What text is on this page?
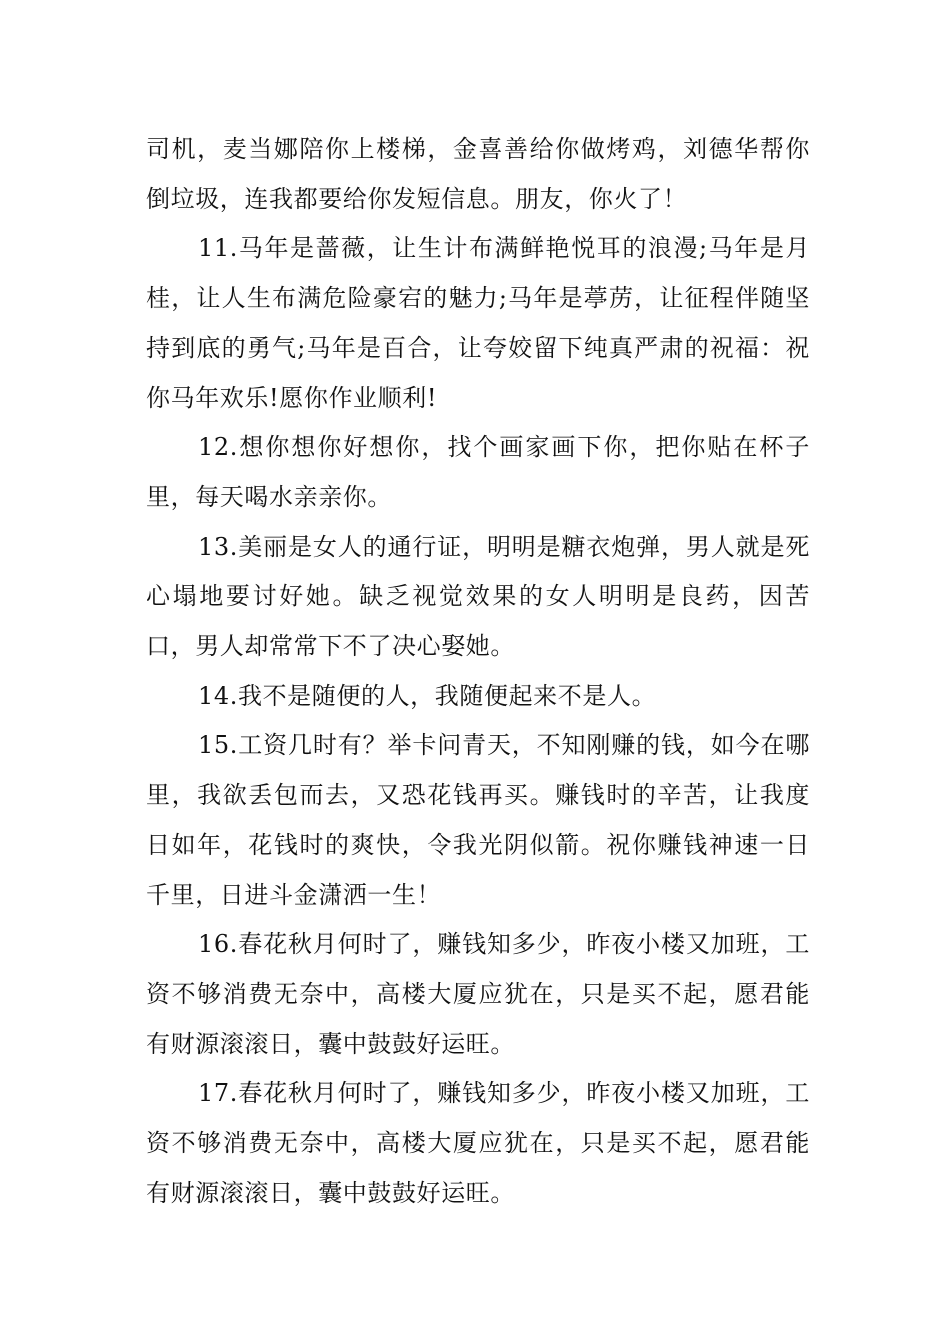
司机，麦当娜陪你上楼梯，金喜善给你做烤鸡，刘德华帮你倒垃圾，连我都要给你发短信息。朋友，你火了！

11.马年是蔷薇，让生计布满鲜艳悦耳的浪漫;马年是月桂，让人生布满危险豪宕的魅力;马年是葶苈，让征程伴随坚持到底的勇气;马年是百合，让夸姣留下纯真严肃的祝福：祝你马年欢乐!愿你作业顺利!

12.想你想你好想你，找个画家画下你，把你贴在杯子里，每天喝水亲亲你。

13.美丽是女人的通行证，明明是糖衣炮弹，男人就是死心塌地要讨好她。缺乏视觉效果的女人明明是良药，因苦口，男人却常常下不了决心娶她。

14.我不是随便的人，我随便起来不是人。

15.工资几时有？举卡问青天，不知刚赚的钱，如今在哪里，我欲丢包而去，又恐花钱再买。赚钱时的辛苦，让我度日如年，花钱时的爽快，令我光阴似箭。祝你赚钱神速一日千里，日进斗金潇洒一生！

16.春花秋月何时了，赚钱知多少，昨夜小楼又加班，工资不够消费无奈中，高楼大厦应犹在，只是买不起，愿君能有财源滚滚日，囊中鼓鼓好运旺。

17.春花秋月何时了，赚钱知多少，昨夜小楼又加班，工资不够消费无奈中，高楼大厦应犹在，只是买不起，愿君能有财源滚滚日，囊中鼓鼓好运旺。
